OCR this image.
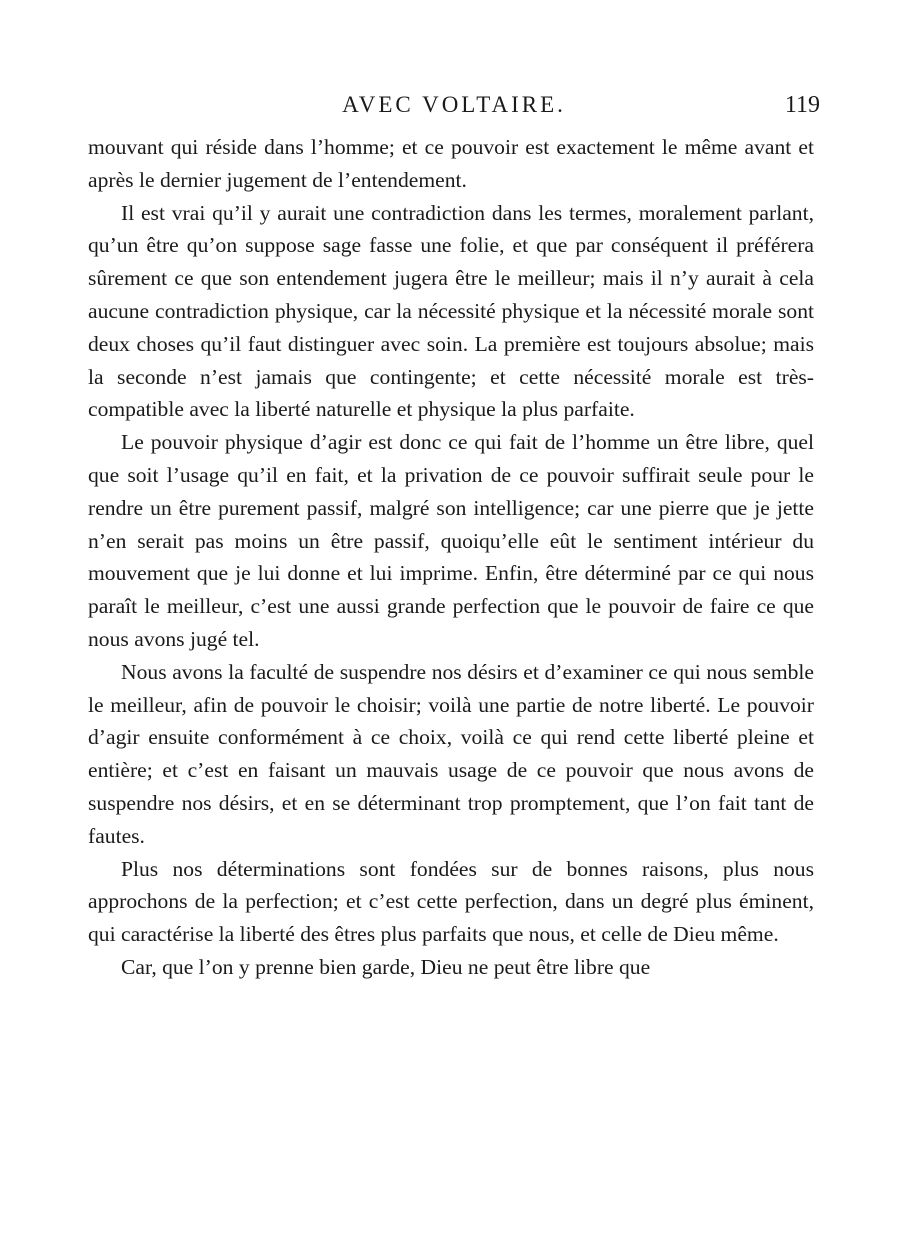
AVEC VOLTAIRE.	119

mouvant qui réside dans l’homme; et ce pouvoir est exactement le même avant et après le dernier jugement de l’entendement.

Il est vrai qu’il y aurait une contradiction dans les termes, moralement parlant, qu’un être qu’on suppose sage fasse une folie, et que par conséquent il préférera sûrement ce que son entendement jugera être le meilleur; mais il n’y aurait à cela aucune contradiction physique, car la nécessité physique et la nécessité morale sont deux choses qu’il faut distinguer avec soin. La première est toujours absolue; mais la seconde n’est jamais que contingente; et cette nécessité morale est très-compatible avec la liberté naturelle et physique la plus parfaite.

Le pouvoir physique d’agir est donc ce qui fait de l’homme un être libre, quel que soit l’usage qu’il en fait, et la privation de ce pouvoir suffirait seule pour le rendre un être purement passif, malgré son intelligence; car une pierre que je jette n’en serait pas moins un être passif, quoiqu’elle eût le sentiment intérieur du mouvement que je lui donne et lui imprime. Enfin, être déterminé par ce qui nous paraît le meilleur, c’est une aussi grande perfection que le pouvoir de faire ce que nous avons jugé tel.

Nous avons la faculté de suspendre nos désirs et d’examiner ce qui nous semble le meilleur, afin de pouvoir le choisir; voilà une partie de notre liberté. Le pouvoir d’agir ensuite conformément à ce choix, voilà ce qui rend cette liberté pleine et entière; et c’est en faisant un mauvais usage de ce pouvoir que nous avons de suspendre nos désirs, et en se déterminant trop promptement, que l’on fait tant de fautes.

Plus nos déterminations sont fondées sur de bonnes raisons, plus nous approchons de la perfection; et c’est cette perfection, dans un degré plus éminent, qui caractérise la liberté des êtres plus parfaits que nous, et celle de Dieu même.

Car, que l’on y prenne bien garde, Dieu ne peut être libre que
